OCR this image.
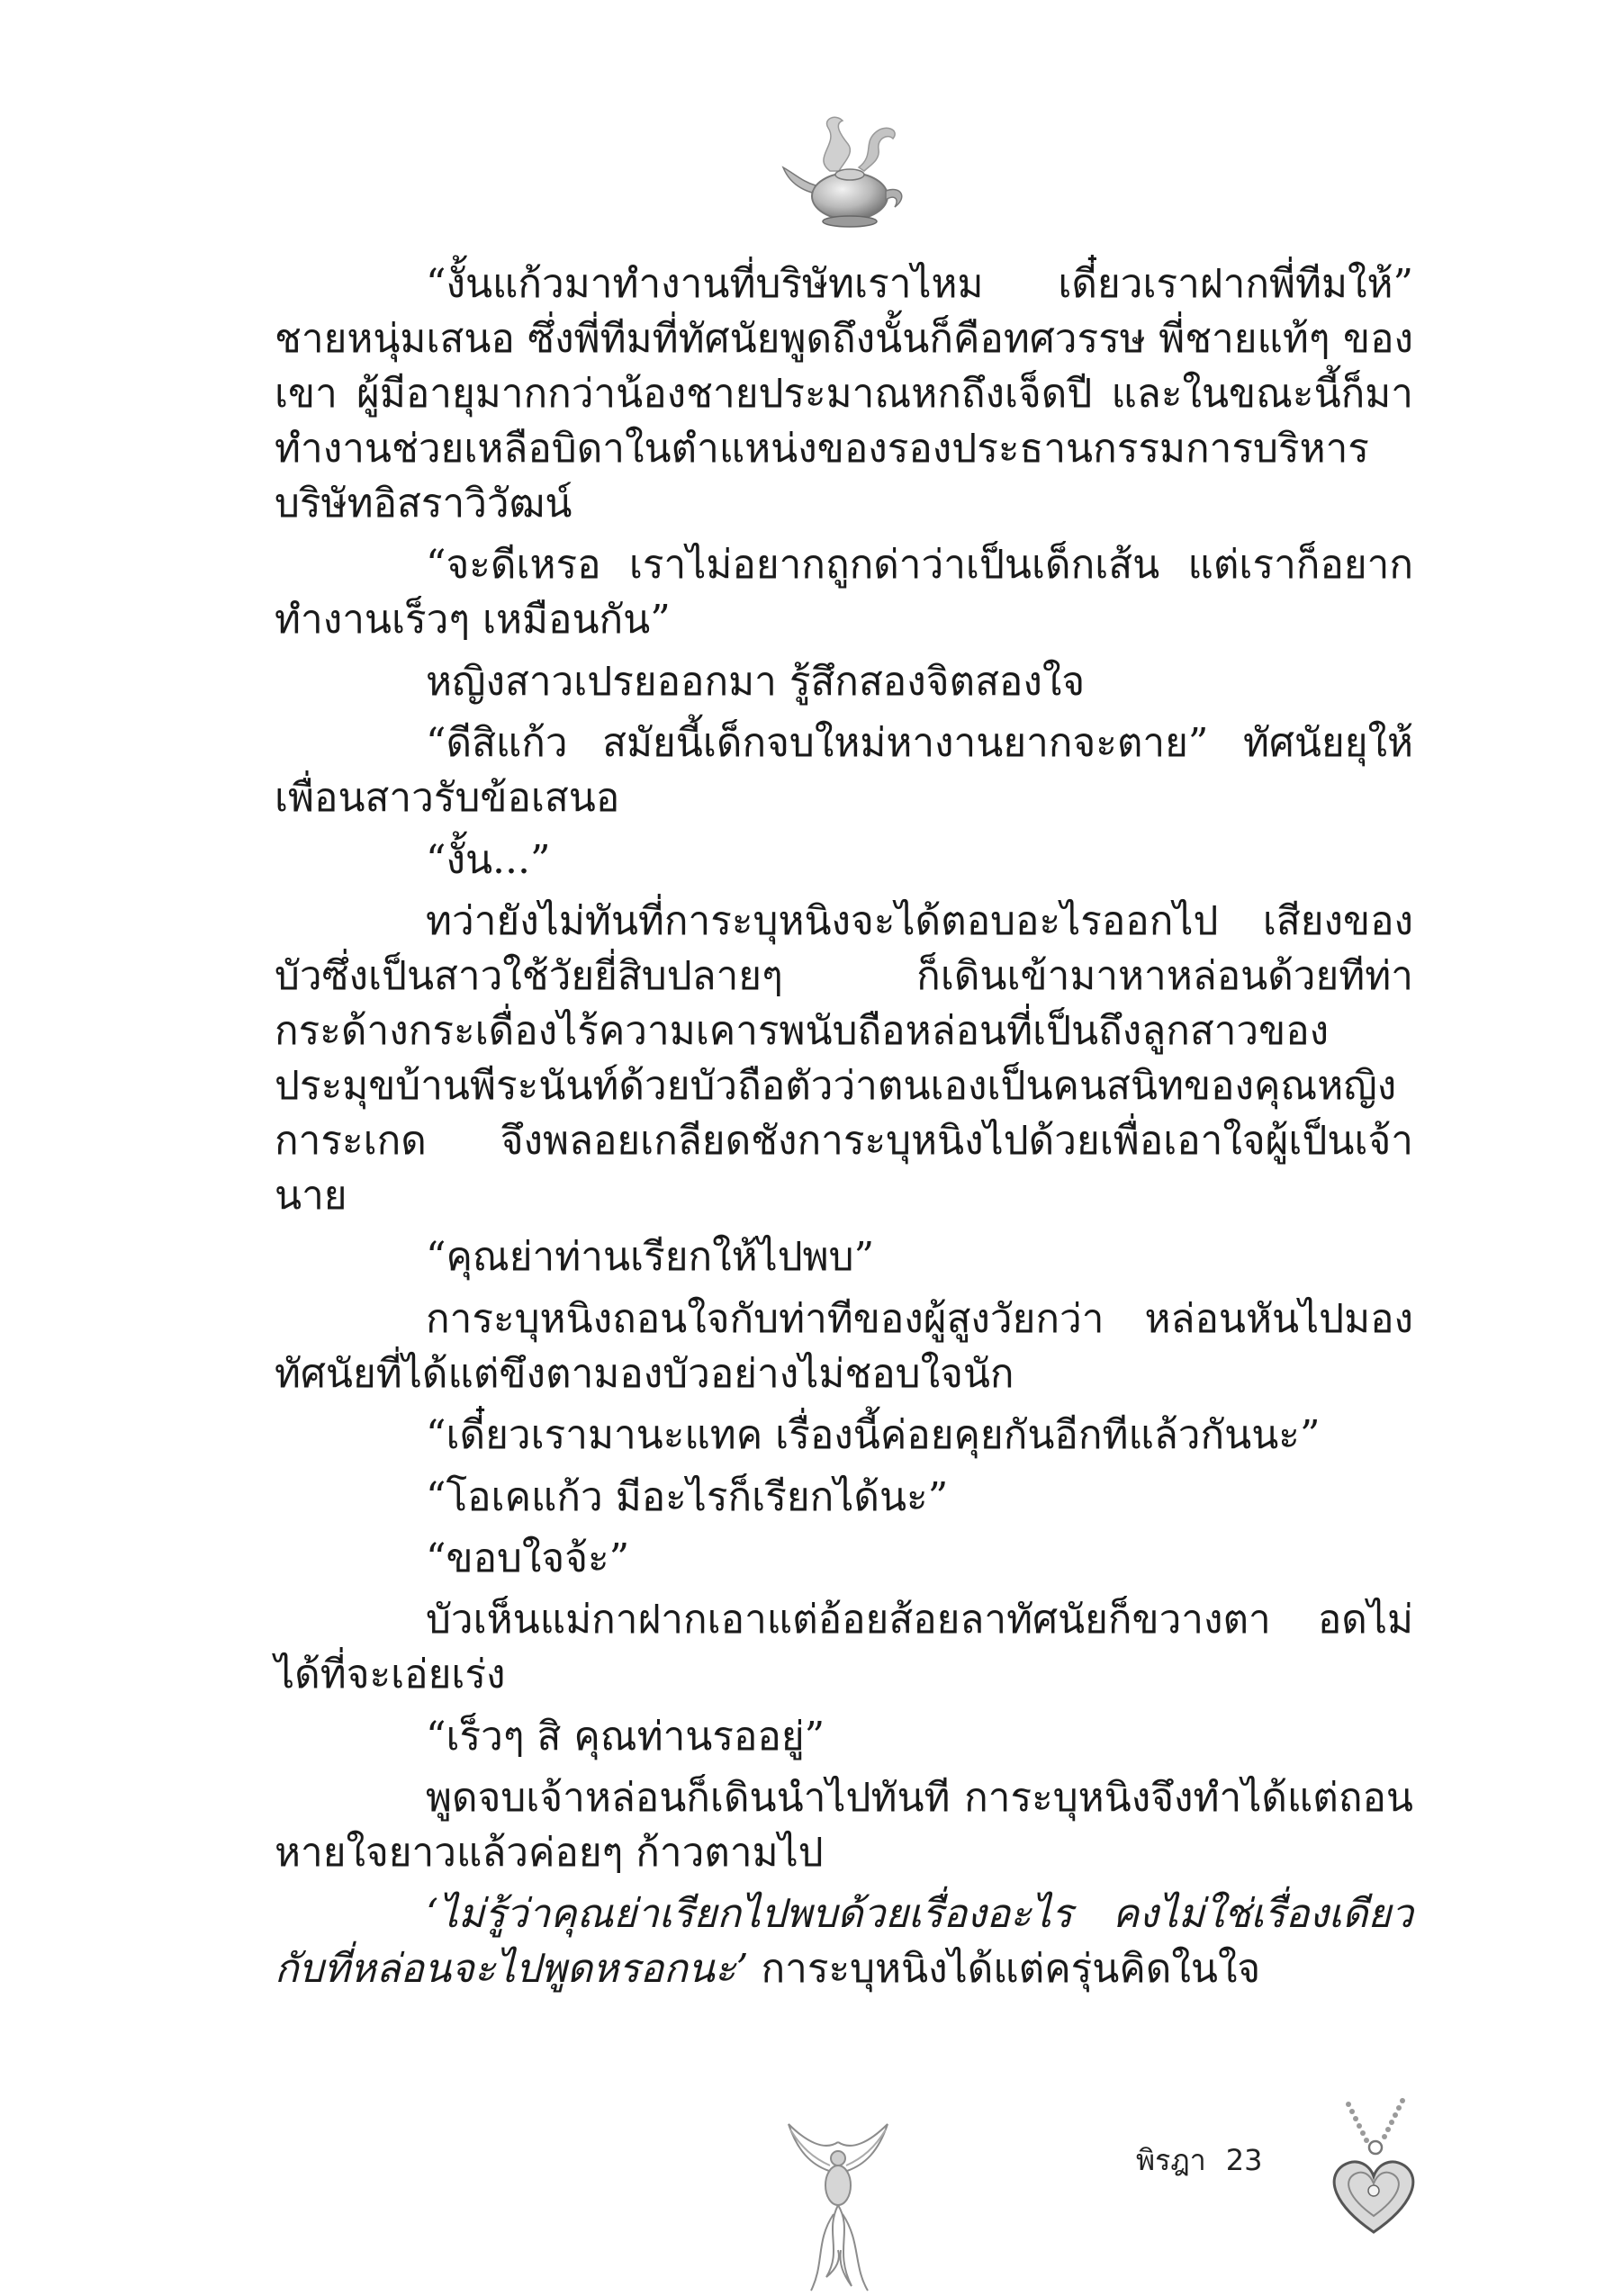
“งั้นแก้วมาทำงานที่บริษัทเราไหม เดี๋ยวเราฝากพี่ทีมให้” ชายหนุ่มเสนอ ซึ่งพี่ทีมที่ทัศนัยพูดถึงนั้นก็คือทศวรรษ พี่ชายแท้ๆ ของเขา ผู้มีอายุมากกว่าน้องชายประมาณหกถึงเจ็ดปี และในขณะนี้ก็มาทำงานช่วยเหลือบิดาในตำแหน่งของรองประธานกรรมการบริหารบริษัทอิสราวิวัฒน์

“จะดีเหรอ เราไม่อยากถูกด่าว่าเป็นเด็กเส้น แต่เราก็อยากทำงานเร็วๆ เหมือนกัน”

หญิงสาวเปรยออกมา รู้สึกสองจิตสองใจ

“ดีสิแก้ว สมัยนี้เด็กจบใหม่หางานยากจะตาย” ทัศนัยยุให้เพื่อนสาวรับข้อเสนอ

“งั้น...”

ทว่ายังไม่ทันที่การะบุหนิงจะได้ตอบอะไรออกไป เสียงของบัวซึ่งเป็นสาวใช้วัยยี่สิบปลายๆ ก็เดินเข้ามาหาหล่อนด้วยทีท่ากระด้างกระเดื่องไร้ความเคารพนับถือหล่อนที่เป็นถึงลูกสาวของประมุขบ้านพีระนันท์ด้วยบัวถือตัวว่าตนเองเป็นคนสนิทของคุณหญิงการะเกด จึงพลอยเกลียดชังการะบุหนิงไปด้วยเพื่อเอาใจผู้เป็นเจ้านาย

“คุณย่าท่านเรียกให้ไปพบ”

การะบุหนิงถอนใจกับท่าทีของผู้สูงวัยกว่า หล่อนหันไปมองทัศนัยที่ได้แต่ขึงตามองบัวอย่างไม่ชอบใจนัก

“เดี๋ยวเรามานะแทค เรื่องนี้ค่อยคุยกันอีกทีแล้วกันนะ”

“โอเคแก้ว มีอะไรก็เรียกได้นะ”

“ขอบใจจ้ะ”

บัวเห็นแม่กาฝากเอาแต่อ้อยส้อยลาทัศนัยก็ขวางตา อดไม่ได้ที่จะเอ่ยเร่ง

“เร็วๆ สิ คุณท่านรออยู่”

พูดจบเจ้าหล่อนก็เดินนำไปทันที การะบุหนิงจึงทำได้แต่ถอนหายใจยาวแล้วค่อยๆ ก้าวตามไป

‘ไม่รู้ว่าคุณย่าเรียกไปพบด้วยเรื่องอะไร คงไม่ใช่เรื่องเดียวกับที่หล่อนจะไปพูดหรอกนะ’ การะบุหนิงได้แต่ครุ่นคิดในใจ

พิรฎา 23
